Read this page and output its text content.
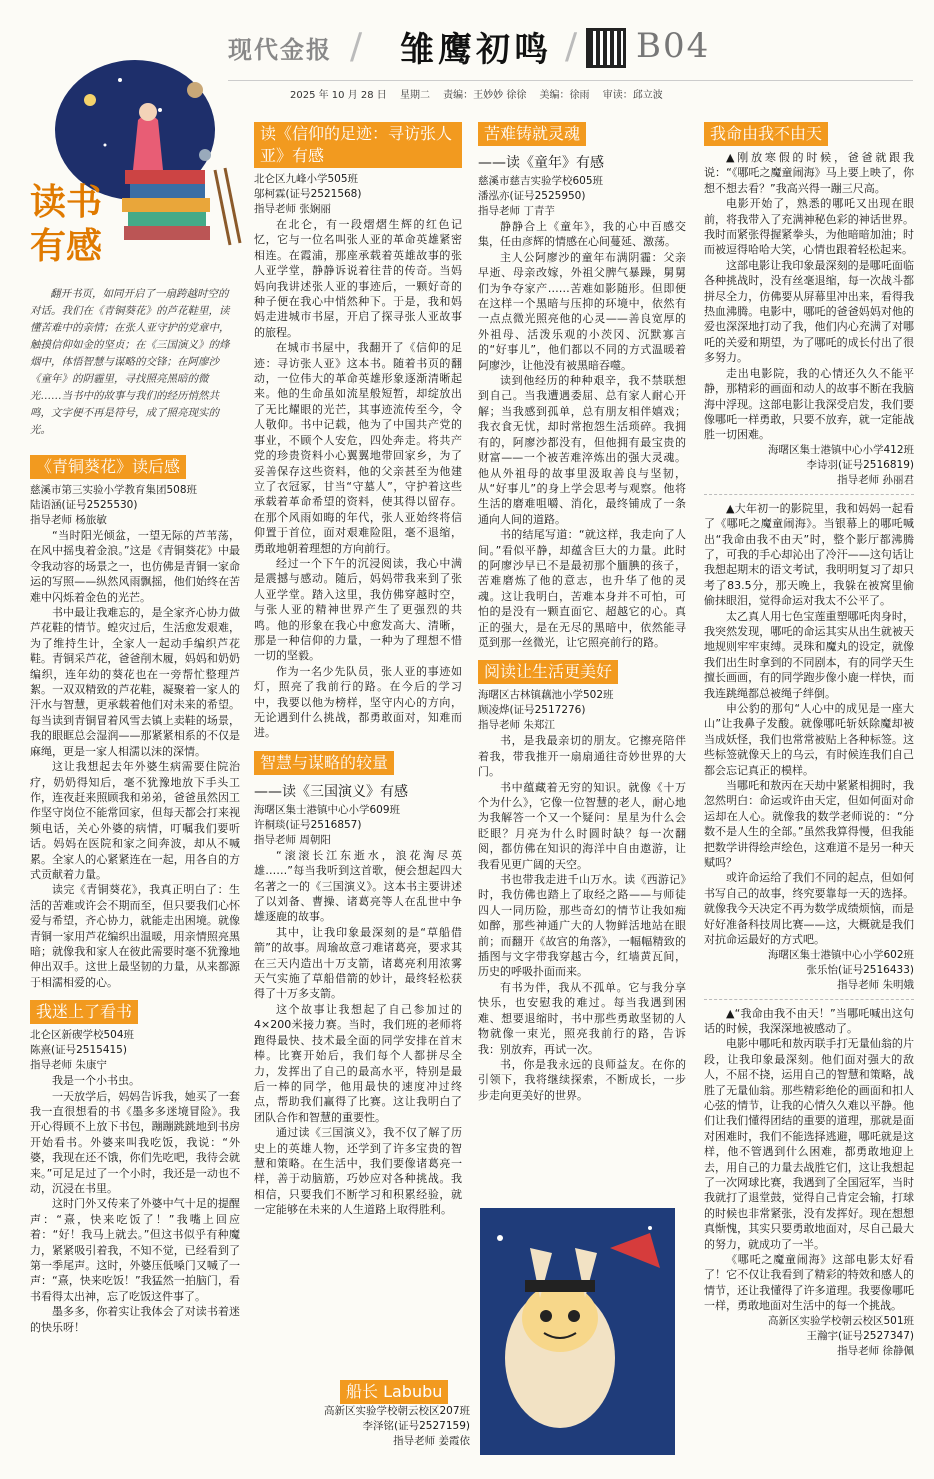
现代金报 / 雏鹰初鸣 / B04
2025 年 10 月 28 日 星期二 责编：王妙妙 徐徐 美编：徐雨 审读：邱立波
读书有感
翻开书页，如同开启了一扇跨越时空的对话。我们在《青铜葵花》的芦花鞋里，读懂苦难中的亲情；在张人亚守护的党章中，触摸信仰如金的坚贞；在《三国演义》的烽烟中，体悟智慧与谋略的交锋；在阿廖沙《童年》的阴霾里，寻找照亮黑暗的微光……当书中的故事与我们的经历悄然共鸣，文字便不再是符号，成了照亮现实的光。
《青铜葵花》读后感
慈溪市第三实验小学教育集团508班
陆语涵(证号2525530)
指导老师 杨旅敏

“当时阳光倾盆，一望无际的芦苇荡，在风中摇曳着金浪。”这是《青铜葵花》中最令我动容的场景之一，也仿佛是青铜一家命运的写照——纵然风雨飘摇，他们始终在苦难中闪烁着金色的光芒。

书中最让我难忘的，是全家齐心协力做芦花鞋的情节。蝗灾过后，生活愈发艰难，为了维持生计，全家人一起动手编织芦花鞋。青铜采芦花，爸爸削木履，妈妈和奶奶编织，连年幼的葵花也在一旁帮忙整理芦絮。一双双精致的芦花鞋，凝聚着一家人的汗水与智慧，更承载着他们对未来的希望。每当读到青铜冒着风雪去镇上卖鞋的场景，我的眼眶总会湿润——那紧紧相系的不仅是麻绳，更是一家人相濡以沫的深情。

这让我想起去年外婆生病需要住院治疗，奶奶得知后，毫不犹豫地放下手头工作，连夜赶来照顾我和弟弟，爸爸虽然因工作坚守岗位不能常回家，但每天都会打来视频电话，关心外婆的病情，叮嘱我们要听话。妈妈在医院和家之间奔波，却从不喊累。全家人的心紧紧连在一起，用各自的方式贡献着力量。

读完《青铜葵花》，我真正明白了：生活的苦难或许会不期而至，但只要我们心怀爱与希望，齐心协力，就能走出困境。就像青铜一家用芦花编织出温暖，用亲情照亮黑暗；就像我和家人在彼此需要时毫不犹豫地伸出双手。这世上最坚韧的力量，从来都源于相濡相爱的心。

我迷上了看书
北仑区新碶学校504班
陈熹(证号2515415)
指导老师 朱康宁

我是一个小书虫。

一天放学后，妈妈告诉我，她买了一套我一直很想看的书《墨多多迷境冒险》。我开心得顾不上放下书包，蹦蹦跳跳地到书房开始看书。外婆来叫我吃饭，我说：“外婆，我现在还不饿，你们先吃吧，我待会就来。”可足足过了一个小时，我还是一动也不动，沉浸在书里。

这时门外又传来了外婆中气十足的提醒声：“熹，快来吃饭了！”我嘴上回应着：“好！我马上就去。”但这书似乎有种魔力，紧紧吸引着我，不知不觉，已经看到了第一季尾声。这时，外婆压低嗓门又喊了一声：“熹，快来吃饭！”我猛然一拍脑门，看书看得太出神，忘了吃饭这件事了。

墨多多，你着实让我体会了对读书着迷的快乐呀！

读《信仰的足迹：寻访张人亚》有感
北仑区九峰小学505班
邬柯霖(证号2521568)
指导老师 张娴丽

在北仑，有一段熠熠生辉的红色记忆，它与一位名叫张人亚的革命英雄紧密相连。在霞浦，那座承载着英雄故事的张人亚学堂，静静诉说着往昔的传奇。当妈妈向我讲述张人亚的事迹后，一颗好奇的种子便在我心中悄然种下。于是，我和妈妈走进城市书屋，开启了探寻张人亚故事的旅程。

在城市书屋中，我翻开了《信仰的足迹：寻访张人亚》这本书。随着书页的翻动，一位伟大的革命英雄形象逐渐清晰起来。他的生命虽如流星般短暂，却绽放出了无比耀眼的光芒，其事迹流传至今，令人敬仰。书中记载，他为了中国共产党的事业，不顾个人安危，四处奔走。将共产党的珍贵资料小心翼翼地带回家乡，为了妥善保存这些资料，他的父亲甚至为他建立了衣冠冢，甘当“守墓人”，守护着这些承载着革命希望的资料，使其得以留存。在那个风雨如晦的年代，张人亚始终将信仰置于首位，面对艰难险阻，毫不退缩，勇敢地朝着理想的方向前行。

经过一个下午的沉浸阅读，我心中满是震撼与感动。随后，妈妈带我来到了张人亚学堂。踏入这里，我仿佛穿越时空，与张人亚的精神世界产生了更强烈的共鸣。他的形象在我心中愈发高大、清晰，那是一种信仰的力量，一种为了理想不惜一切的坚毅。

作为一名少先队员，张人亚的事迹如灯，照亮了我前行的路。在今后的学习中，我要以他为榜样，坚守内心的方向，无论遇到什么挑战，都勇敢面对，知难而进。

智慧与谋略的较量
——读《三国演义》有感
海曙区集士港镇中心小学609班
许桐琰(证号2516857)
指导老师 周朝阳

“滚滚长江东逝水，浪花淘尽英雄……”每当我听到这首歌，便会想起四大名著之一的《三国演义》。这本书主要讲述了以刘备、曹操、诸葛亮等人在乱世中争雄逐鹿的故事。

其中，让我印象最深刻的是“草船借箭”的故事。周瑜故意刁难诸葛亮，要求其在三天内造出十万支箭，诸葛亮利用浓雾天气实施了草船借箭的妙计，最终轻松获得了十万多支箭。

这个故事让我想起了自己参加过的4×200米接力赛。当时，我们班的老师将跑得最快、技术最全面的同学安排在首末棒。比赛开始后，我们每个人都拼尽全力，发挥出了自己的最高水平，特别是最后一棒的同学，他用最快的速度冲过终点，帮助我们赢得了比赛。这让我明白了团队合作和智慧的重要性。

通过读《三国演义》，我不仅了解了历史上的英雄人物，还学到了许多宝贵的智慧和策略。在生活中，我们要像诸葛亮一样，善于动脑筋，巧妙应对各种挑战。我相信，只要我们不断学习和积累经验，就一定能够在未来的人生道路上取得胜利。

苦难铸就灵魂
——读《童年》有感
慈溪市慈吉实验学校605班
潘泓亦(证号2525950)
指导老师 丁青芋

静静合上《童年》，我的心中百感交集，任由彦辉的情感在心间蔓延、激荡。

主人公阿廖沙的童年布满阴霾：父亲早逝、母亲改嫁，外祖父脾气暴躁，舅舅们为争夺家产……苦难如影随形。但即便在这样一个黑暗与压抑的环境中，依然有一点点微光照亮他的心灵——善良宽厚的外祖母、活泼乐观的小茨冈、沉默寡言的“好事儿”，他们都以不同的方式温暖着阿廖沙，让他没有被黑暗吞噬。

读到他经历的种种艰辛，我不禁联想到自己。当我遭遇委屈、总有家人耐心开解；当我感到孤单，总有朋友相伴嬉戏；我衣食无忧，却时常抱怨生活琐碎。我拥有的，阿廖沙都没有，但他拥有最宝贵的财富——一个被苦难淬炼出的强大灵魂。他从外祖母的故事里汲取善良与坚韧，从“好事儿”的身上学会思考与观察。他将生活的磨难咀嚼、消化，最终铺成了一条通向人间的道路。

书的结尾写道：“就这样，我走向了人间。”看似平静，却蕴含巨大的力量。此时的阿廖沙早已不是最初那个腼腆的孩子，苦难磨炼了他的意志，也升华了他的灵魂。这让我明白，苦难本身并不可怕，可怕的是没有一颗直面它、超越它的心。真正的强大，是在无尽的黑暗中，依然能寻觅到那一丝微光，让它照亮前行的路。

阅读让生活更美好
海曙区古林镇藕池小学502班
顾凌烨(证号2517276)
指导老师 朱郑江

书，是我最亲切的朋友。它擦亮陪伴着我，带我推开一扇扇通往奇妙世界的大门。

书中蕴藏着无穷的知识。就像《十万个为什么》，它像一位智慧的老人，耐心地为我解答一个又一个疑问：星星为什么会眨眼？月亮为什么时圆时缺？每一次翻阅，都仿佛在知识的海洋中自由遨游，让我看见更广阔的天空。

书也带我走进千山万水。读《西游记》时，我仿佛也踏上了取经之路——与师徒四人一同历险，那些奇幻的情节让我如痴如醉，那些神通广大的人物鲜活地站在眼前；而翻开《故宫的角落》，一幅幅精致的插图与文字带我穿越古今，红墙黄瓦间，历史的呼吸扑面而来。

有书为伴，我从不孤单。它与我分享快乐，也安慰我的难过。每当我遇到困难、想要退缩时，书中那些勇敢坚韧的人物就像一束光，照亮我前行的路，告诉我：别放弃，再试一次。

书，你是我永远的良师益友。在你的引领下，我将继续探索，不断成长，一步步走向更美好的世界。

船长 Labubu
高新区实验学校朝云校区207班
李泽铭(证号2527159)
指导老师 姜霞依
我命由我不由天

▲刚放寒假的时候，爸爸就跟我说：“《哪吒之魔童闹海》马上要上映了，你想不想去看？”我高兴得一蹦三尺高。

电影开始了，熟悉的哪吒又出现在眼前，将我带入了充满神秘色彩的神话世界。我时而紧张得握紧拳头，为他暗暗加油；时而被逗得哈哈大笑，心情也跟着轻松起来。

这部电影让我印象最深刻的是哪吒面临各种挑战时，没有丝毫退缩，每一次战斗都拼尽全力，仿佛要从屏幕里冲出来，看得我热血沸腾。电影中，哪吒的爸爸妈妈对他的爱也深深地打动了我，他们内心充满了对哪吒的关爱和期望，为了哪吒的成长付出了很多努力。

走出电影院，我的心情还久久不能平静，那精彩的画面和动人的故事不断在我脑海中浮现。这部电影让我深受启发，我们要像哪吒一样勇敢，只要不放弃，就一定能战胜一切困难。

海曙区集士港镇中心小学412班
李诗羽(证号2516819)
指导老师 孙丽君

▲大年初一的影院里，我和妈妈一起看了《哪吒之魔童闹海》。当银幕上的哪吒喊出“我命由我不由天”时，整个影厅都沸腾了，可我的手心却沁出了冷汗——这句话让我想起期末的语文考试，我明明复习了却只考了83.5分，那天晚上，我躲在被窝里偷偷抹眼泪，觉得命运对我太不公平了。

太乙真人用七色宝莲重塑哪吒肉身时，我突然发现，哪吒的命运其实从出生就被天地规则牢牢束缚。灵珠和魔丸的设定，就像我们出生时拿到的不同剧本，有的同学天生擅长画画，有的同学跑步像小鹿一样快，而我连跳绳都总被绳子绊倒。

申公豹的那句“人心中的成见是一座大山”让我鼻子发酸。就像哪吒斩妖除魔却被当成妖怪，我们也常常被贴上各种标签。这些标签就像天上的乌云，有时候连我们自己都会忘记真正的模样。

当哪吒和敖丙在天劫中紧紧相拥时，我忽然明白：命运或许由天定，但如何面对命运却在人心。就像我的数学老师说的：“分数不是人生的全部。”虽然我算得慢，但我能把数学讲得绘声绘色，这难道不是另一种天赋吗？

或许命运给了我们不同的起点，但如何书写自己的故事，终究要靠每一天的选择。就像我今天决定不再为数学成绩烦恼，而是好好准备科技周比赛——这，大概就是我们对抗命运最好的方式吧。

海曙区集士港镇中心小学602班
张乐怡(证号2516433)
指导老师 朱明娥

▲“我命由我不由天！”当哪吒喊出这句话的时候，我深深地被感动了。

电影中哪吒和敖丙联手打无量仙翁的片段，让我印象最深刻。他们面对强大的敌人，不屈不挠，运用自己的智慧和策略，战胜了无量仙翁。那些精彩绝伦的画面和扣人心弦的情节，让我的心情久久难以平静。他们让我们懂得团结的重要的道理，那就是面对困难时，我们不能选择逃避，哪吒就是这样，他不管遇到什么困难，都勇敢地迎上去，用自己的力量去战胜它们，这让我想起了一次网球比赛，我遇到了全国冠军，当时我就打了退堂鼓，觉得自己肯定会输，打球的时候也非常紧张，没有发挥好。现在想想真惭愧，其实只要勇敢地面对，尽自己最大的努力，就成功了一半。

《哪吒之魔童闹海》这部电影太好看了！它不仅让我看到了精彩的特效和感人的情节，还让我懂得了许多道理。我要像哪吒一样，勇敢地面对生活中的每一个挑战。

高新区实验学校朝云校区501班
王瀚宇(证号2527347)
指导老师 徐静佩
